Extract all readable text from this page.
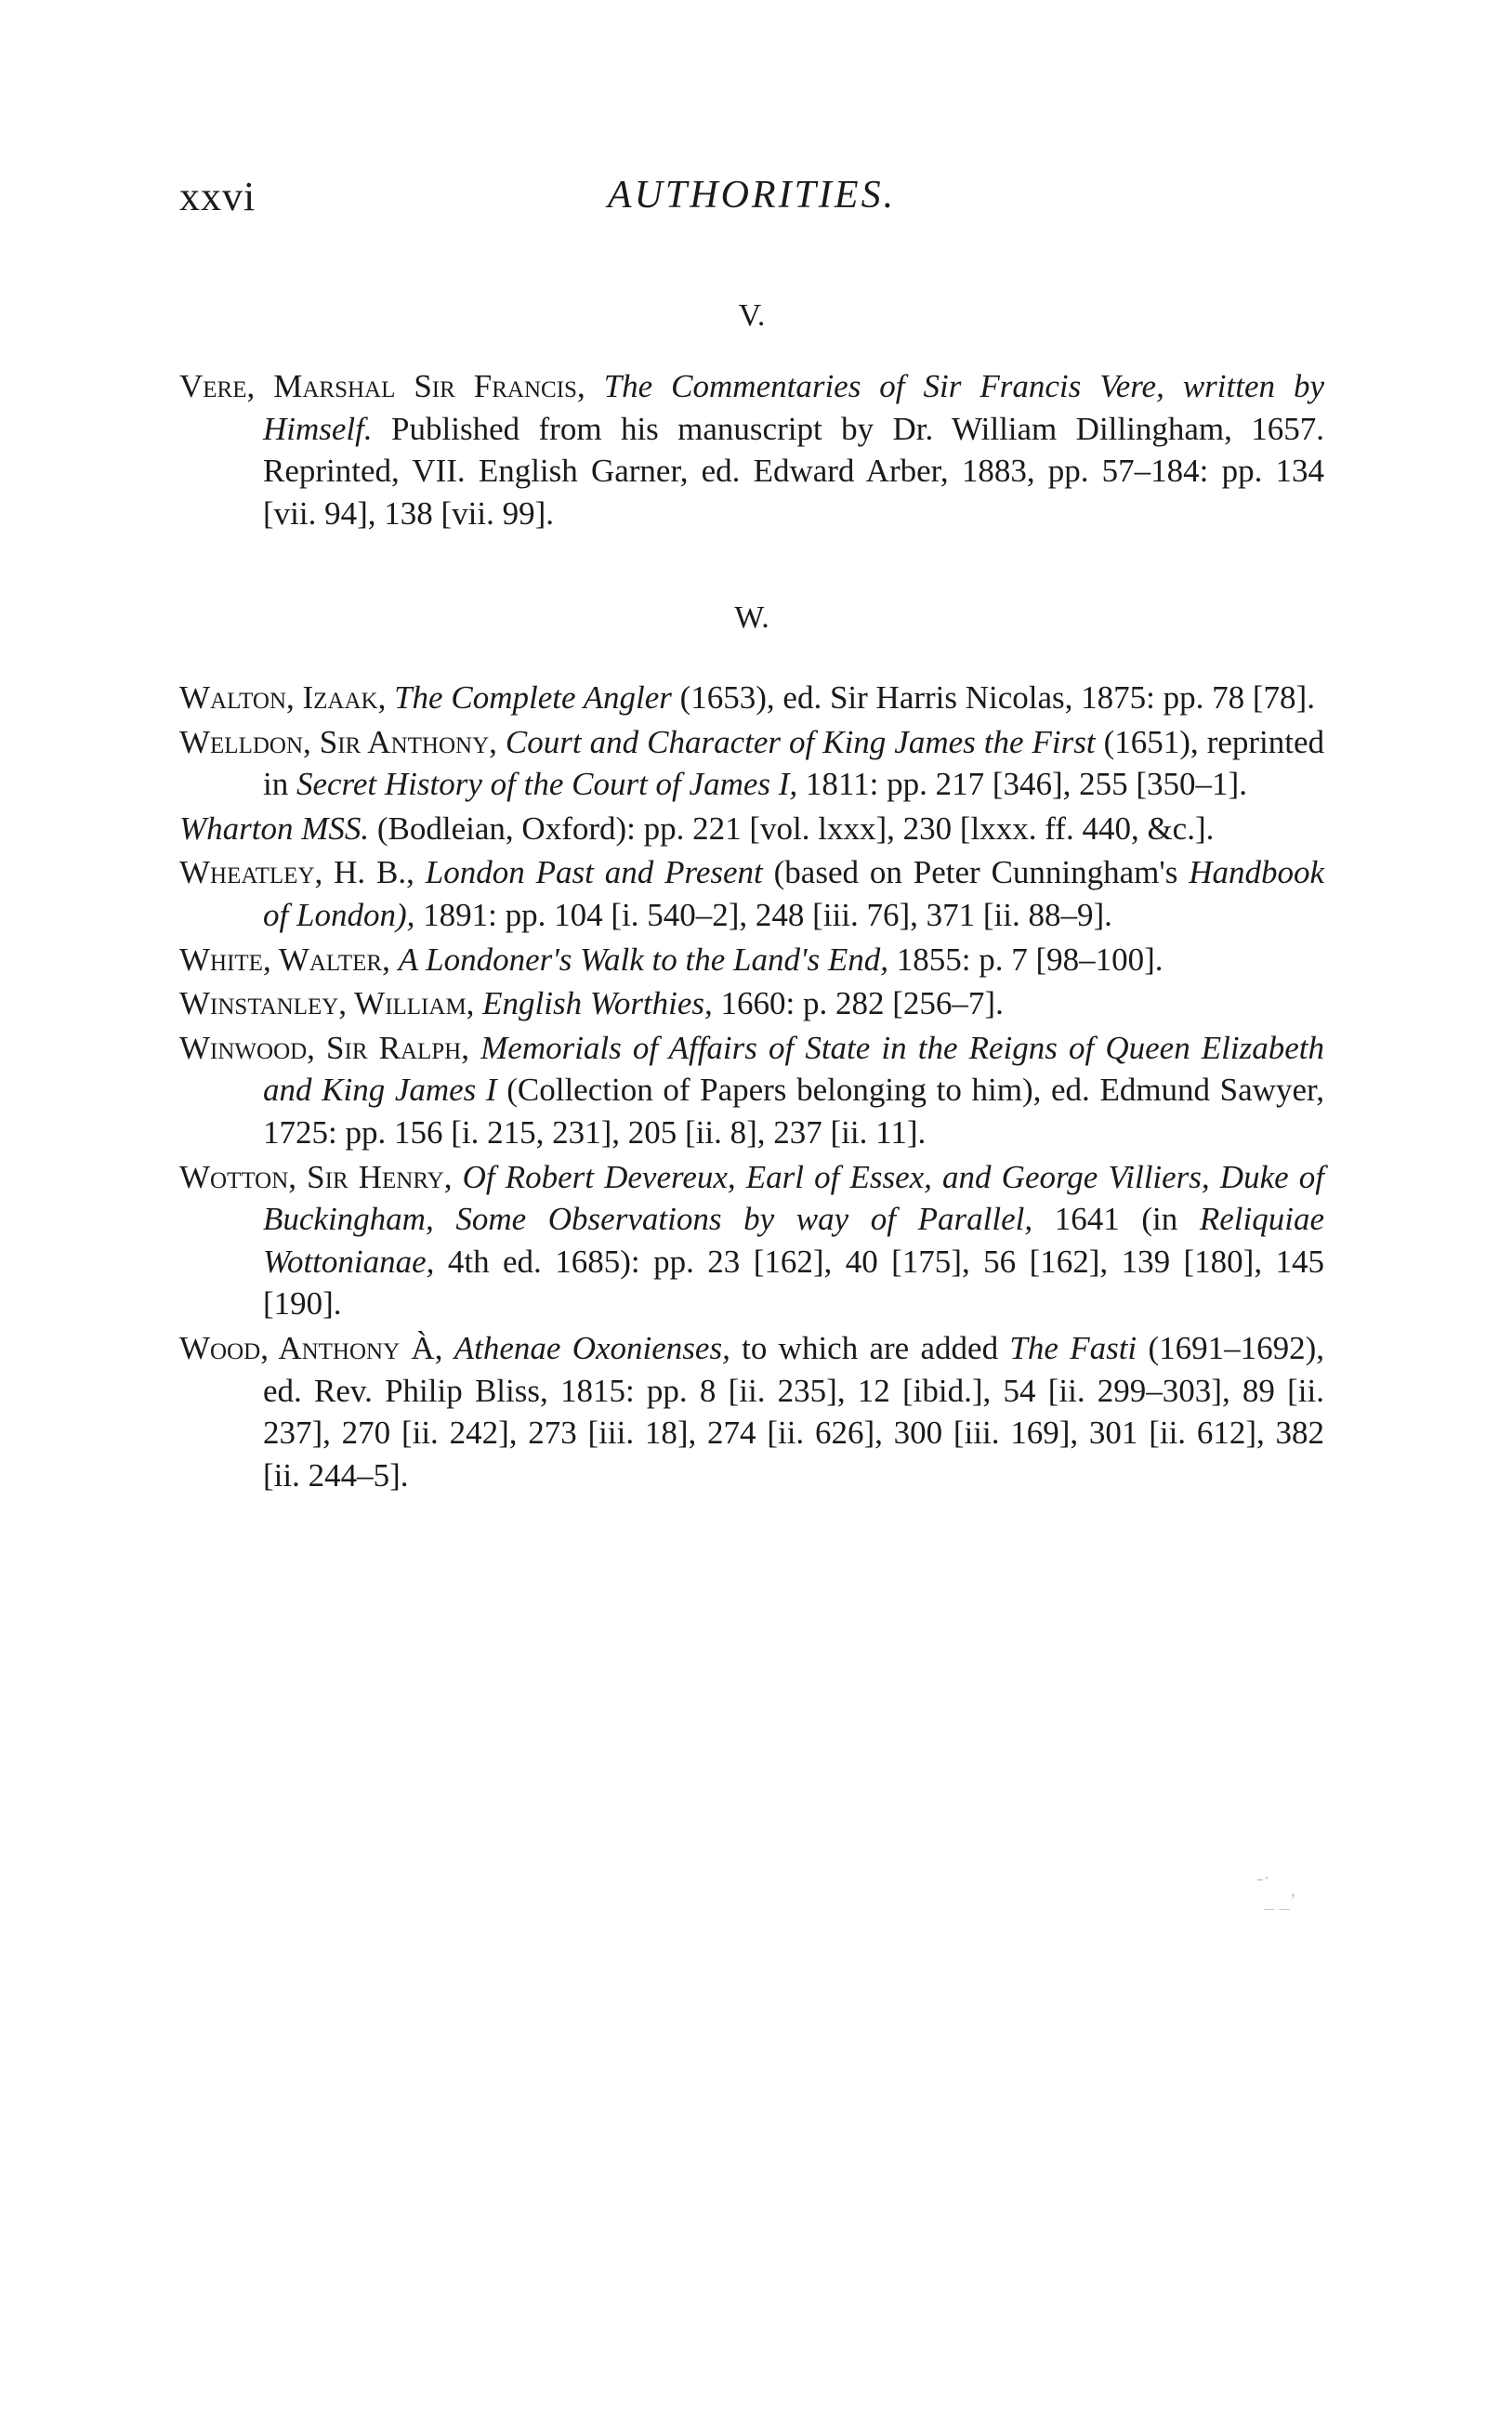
AUTHORITIES.
xxvi
V.

Vere, Marshal Sir Francis, The Commentaries of Sir Francis Vere, written by Himself. Published from his manuscript by Dr. William Dillingham, 1657. Reprinted, VII. English Garner, ed. Edward Arber, 1883, pp. 57–184: pp. 134 [vii. 94], 138 [vii. 99].

W.

Walton, Izaak, The Complete Angler (1653), ed. Sir Harris Nicolas, 1875: pp. 78 [78].

Welldon, Sir Anthony, Court and Character of King James the First (1651), reprinted in Secret History of the Court of James I, 1811: pp. 217 [346], 255 [350–1].

Wharton MSS. (Bodleian, Oxford): pp. 221 [vol. lxxx], 230 [lxxx. ff. 440, &c.].

Wheatley, H. B., London Past and Present (based on Peter Cunningham's Handbook of London), 1891: pp. 104 [i. 540–2], 248 [iii. 76], 371 [ii. 88–9].

White, Walter, A Londoner's Walk to the Land's End, 1855: p. 7 [98–100].

Winstanley, William, English Worthies, 1660: p. 282 [256–7].

Winwood, Sir Ralph, Memorials of Affairs of State in the Reigns of Queen Elizabeth and King James I (Collection of Papers belonging to him), ed. Edmund Sawyer, 1725: pp. 156 [i. 215, 231], 205 [ii. 8], 237 [ii. 11].

Wotton, Sir Henry, Of Robert Devereux, Earl of Essex, and George Villiers, Duke of Buckingham, Some Observations by way of Parallel, 1641 (in Reliquiae Wottonianae, 4th ed. 1685): pp. 23 [162], 40 [175], 56 [162], 139 [180], 145 [190].

Wood, Anthony À, Athenae Oxonienses, to which are added The Fasti (1691–1692), ed. Rev. Philip Bliss, 1815: pp. 8 [ii. 235], 12 [ibid.], 54 [ii. 299–303], 89 [ii. 237], 270 [ii. 242], 273 [iii. 18], 274 [ii. 626], 300 [iii. 169], 301 [ii. 612], 382 [ii. 244–5].

-·
_ _’
